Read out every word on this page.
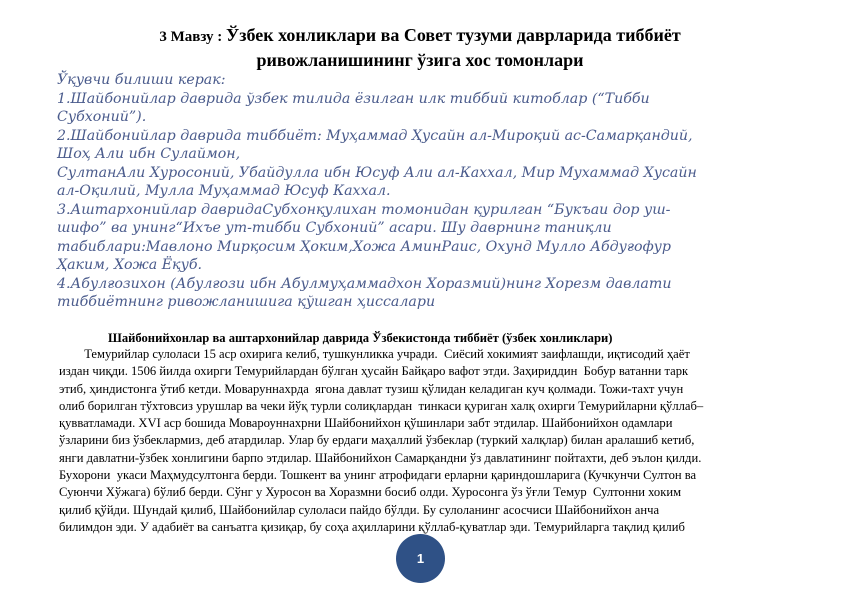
3 Мавзу : Ўзбек хонликлари ва Совет тузуми даврларида тиббиёт
ривожланишининг ўзига хос томонлари

Ўқувчи билиши керак:

1.Шайбонийлар даврида ўзбек тилида ёзилган илк тиббий китоблар (“Тибби

Субхоний”).

2.Шайбонийлар даврида тиббиёт: Муҳаммад Ҳусайн ал-Мироқий ас-Самарқандий,

Шоҳ Али ибн Сулаймон,

СултанАли Хуросоний, Убайдулла ибн Юсуф Али ал-Каххал, Мир Мухаммад Хусайн

ал-Оқилий, Мулла Муҳаммад Юсуф Каххал.

3.Аштархонийлар давридаСубхонқулихан томонидан қурилган “Букъаи дор уш-

шифо” ва унинг“Ихъе ут-тибби Субхоний” асари. Шу даврнинг таниқли

табиблари:Мавлоно Мирқосим Ҳоким,Хожа АминРаис, Охунд Мулло Абдуғофур

Ҳаким, Хожа Ёқуб.

4.Абулғозихон (Абулғози ибн Абулмуҳаммадхон Хоразмий)нинг Хорезм давлати

тиббиётнинг ривожланишига қўшган ҳиссалари

Шайбонийхонлар ва аштархонийлар даврида Ўзбекистонда тиббиёт (ўзбек хонликлари)
Темурийлар сулоласи 15 аср охирига келиб, тушкунликка учради.  Сиёсий хокимият заифлашди, иқтисодий ҳаёт
издан чиқди. 1506 йилда охирги Темурийлардан бўлган ҳусайн Байқаро вафот этди. Заҳириддин  Бобур ватанни тарк
этиб, ҳиндистонга ўтиб кетди. Моваруннахрда  ягона давлат тузиш қўлидан келадиган куч қолмади. Тожи-тахт учун
олиб борилган тўхтовсиз урушлар ва чеки йўқ турли солиқлардан  тинкаси қуриган халқ охирги Темурийларни қўллаб–
қувватламади. XVI аср бошида Мовароуннахрни Шайбонийхон қўшинлари забт этдилар. Шайбонийхон одамлари
ўзларини биз ўзбеклармиз, деб атардилар. Улар бу ердаги маҳаллий ўзбеклар (туркий халқлар) билан аралашиб кетиб,
янги давлатни-ўзбек хонлигини барпо этдилар. Шайбонийхон Самарқандни ўз давлатининг пойтахти, деб эълон қилди.
Бухорони  укаси Маҳмудсултонга берди. Тошкент ва унинг атрофидаги ерларни қариндошларига (Кучкунчи Султон ва
Суюнчи Хўжага) бўлиб берди. Сўнг у Хуросон ва Хоразмни босиб олди. Хуросонга ўз ўғли Темур  Султонни хоким
қилиб қўйди. Шундай қилиб, Шайбонийлар сулоласи пайдо бўлди. Бу сулоланинг асосчиси Шайбонийхон анча
билимдон эди. У адабиёт ва санъатга қизиқар, бу соҳа аҳилларини қўллаб-қуватлар эди. Темурийларга тақлид қилиб
1
